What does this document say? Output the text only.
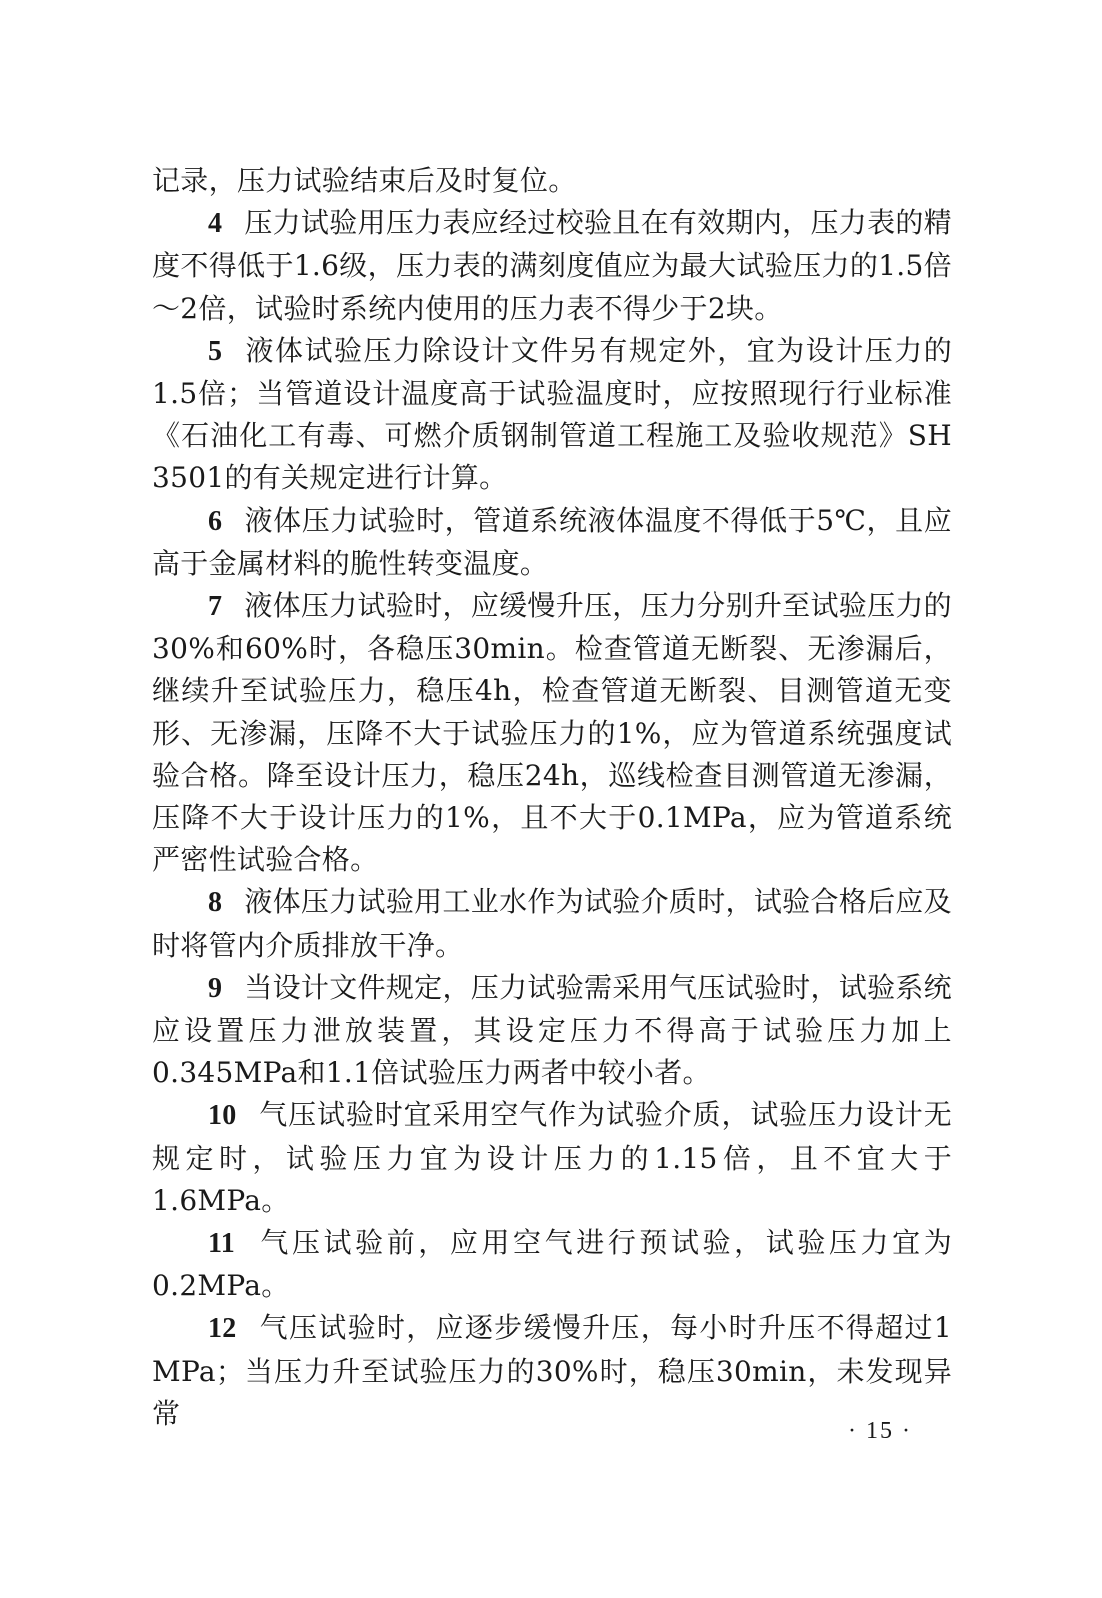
记录，压力试验结束后及时复位。

4 压力试验用压力表应经过校验且在有效期内，压力表的精度不得低于1.6级，压力表的满刻度值应为最大试验压力的1.5倍～2倍，试验时系统内使用的压力表不得少于2块。

5 液体试验压力除设计文件另有规定外，宜为设计压力的1.5倍；当管道设计温度高于试验温度时，应按照现行行业标准《石油化工有毒、可燃介质钢制管道工程施工及验收规范》SH 3501的有关规定进行计算。

6 液体压力试验时，管道系统液体温度不得低于5℃，且应高于金属材料的脆性转变温度。

7 液体压力试验时，应缓慢升压，压力分别升至试验压力的30%和60%时，各稳压30min。检查管道无断裂、无渗漏后，继续升至试验压力，稳压4h，检查管道无断裂、目测管道无变形、无渗漏，压降不大于试验压力的1%，应为管道系统强度试验合格。降至设计压力，稳压24h，巡线检查目测管道无渗漏，压降不大于设计压力的1%，且不大于0.1MPa，应为管道系统严密性试验合格。

8 液体压力试验用工业水作为试验介质时，试验合格后应及时将管内介质排放干净。

9 当设计文件规定，压力试验需采用气压试验时，试验系统应设置压力泄放装置，其设定压力不得高于试验压力加上0.345MPa和1.1倍试验压力两者中较小者。

10 气压试验时宜采用空气作为试验介质，试验压力设计无规定时，试验压力宜为设计压力的1.15倍，且不宜大于1.6MPa。

11 气压试验前，应用空气进行预试验，试验压力宜为0.2MPa。

12 气压试验时，应逐步缓慢升压，每小时升压不得超过1 MPa；当压力升至试验压力的30%时，稳压30min，未发现异常

· 15 ·
